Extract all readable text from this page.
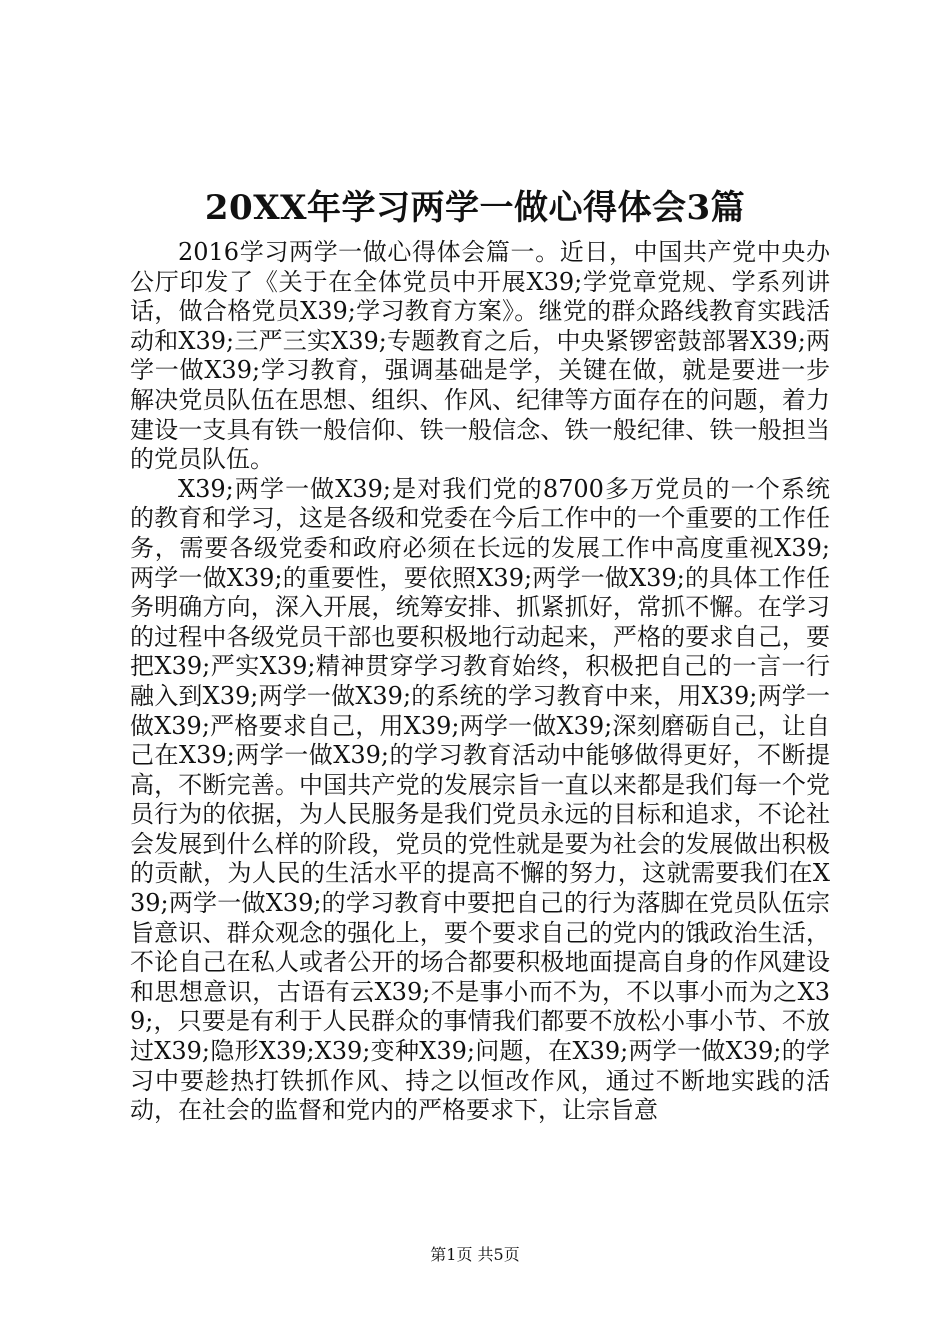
20XX年学习两学一做心得体会3篇

2016学习两学一做心得体会篇一。近日，中国共产党中央办公厅印发了《关于在全体党员中开展X39;学党章党规、学系列讲话，做合格党员X39;学习教育方案》。继党的群众路线教育实践活动和X39;三严三实X39;专题教育之后，中央紧锣密鼓部署X39;两学一做X39;学习教育，强调基础是学，关键在做，就是要进一步解决党员队伍在思想、组织、作风、纪律等方面存在的问题，着力建设一支具有铁一般信仰、铁一般信念、铁一般纪律、铁一般担当的党员队伍。

X39;两学一做X39;是对我们党的8700多万党员的一个系统的教育和学习，这是各级和党委在今后工作中的一个重要的工作任务，需要各级党委和政府必须在长远的发展工作中高度重视X39;两学一做X39;的重要性，要依照X39;两学一做X39;的具体工作任务明确方向，深入开展，统筹安排、抓紧抓好，常抓不懈。在学习的过程中各级党员干部也要积极地行动起来，严格的要求自己，要把X39;严实X39;精神贯穿学习教育始终，积极把自己的一言一行融入到X39;两学一做X39;的系统的学习教育中来，用X39;两学一做X39;严格要求自己，用X39;两学一做X39;深刻磨砺自己，让自己在X39;两学一做X39;的学习教育活动中能够做得更好，不断提高，不断完善。中国共产党的发展宗旨一直以来都是我们每一个党员行为的依据，为人民服务是我们党员永远的目标和追求，不论社会发展到什么样的阶段，党员的党性就是要为社会的发展做出积极的贡献，为人民的生活水平的提高不懈的努力，这就需要我们在X39;两学一做X39;的学习教育中要把自己的行为落脚在党员队伍宗旨意识、群众观念的强化上，要个要求自己的党内的饿政治生活，不论自己在私人或者公开的场合都要积极地面提高自身的作风建设和思想意识，古语有云X39;不是事小而不为，不以事小而为之X39;，只要是有利于人民群众的事情我们都要不放松小事小节、不放过X39;隐形X39;X39;变种X39;问题，在X39;两学一做X39;的学习中要趁热打铁抓作风、持之以恒改作风，通过不断地实践的活动，在社会的监督和党内的严格要求下，让宗旨意

第1页 共5页
